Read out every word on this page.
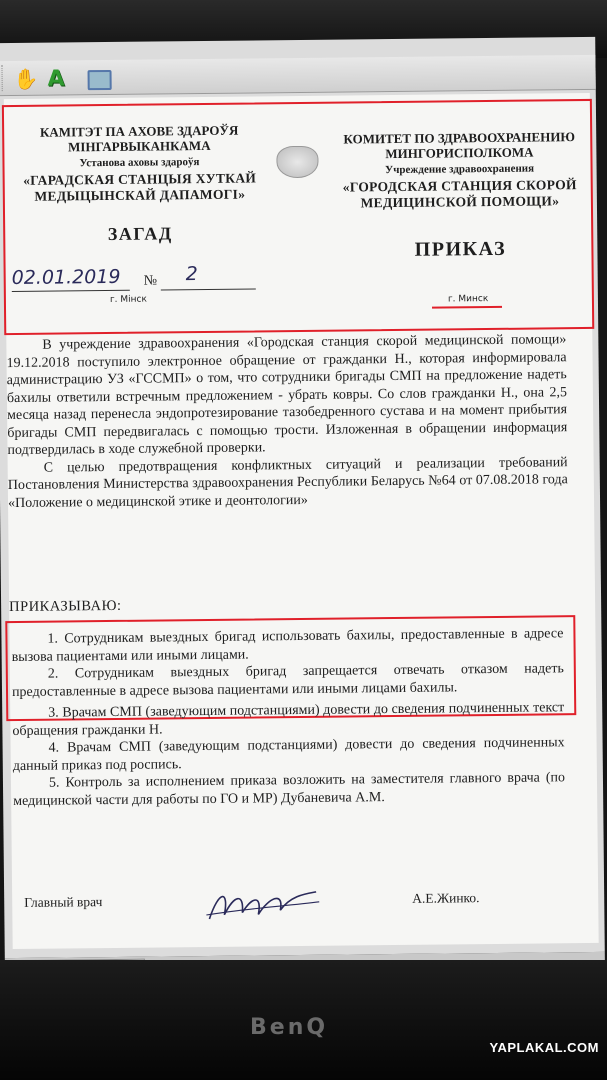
✋ A
КАМІТЭТ ПА АХОВЕ ЗДАРОЎЯ
МІНГАРВЫКАНКАМА
Установа аховы здароўя
«ГАРАДСКАЯ СТАНЦЫЯ ХУТКАЙ
МЕДЫЦЫНСКАЙ ДАПАМОГІ»
ЗАГАД
КОМИТЕТ ПО ЗДРАВООХРАНЕНИЮ
МИНГОРИСПОЛКОМА
Учреждение здравоохранения
«ГОРОДСКАЯ СТАНЦИЯ СКОРОЙ
МЕДИЦИНСКОЙ ПОМОЩИ»
ПРИКАЗ
02.01.2019 № 2
г. Мінск	г. Минск

В учреждение здравоохранения «Городская станция скорой медицинской помощи» 19.12.2018 поступило электронное обращение от гражданки Н., которая информировала администрацию УЗ «ГССМП» о том, что сотрудники бригады СМП на предложение надеть бахилы ответили встречным предложением - убрать ковры. Со слов гражданки Н., она 2,5 месяца назад перенесла эндопротезирование тазобедренного сустава и на момент прибытия бригады СМП передвигалась с помощью трости. Изложенная в обращении информация подтвердилась в ходе служебной проверки.

С целью предотвращения конфликтных ситуаций и реализации требований Постановления Министерства здравоохранения Республики Беларусь №64 от 07.08.2018 года «Положение о медицинской этике и деонтологии»

ПРИКАЗЫВАЮ:

1. Сотрудникам выездных бригад использовать бахилы, предоставленные в адресе вызова пациентами или иными лицами.

2. Сотрудникам выездных бригад запрещается отвечать отказом надеть предоставленные в адресе вызова пациентами или иными лицами бахилы.

3. Врачам СМП (заведующим подстанциями) довести до сведения подчиненных текст обращения гражданки Н.

4. Врачам СМП (заведующим подстанциями) довести до сведения подчиненных данный приказ под роспись.

5. Контроль за исполнением приказа возложить на заместителя главного врача (по медицинской части для работы по ГО и МР) Дубаневича А.М.

Главный врач	А.Е.Жинко.
BenQ
YAPLAKAL.COM
